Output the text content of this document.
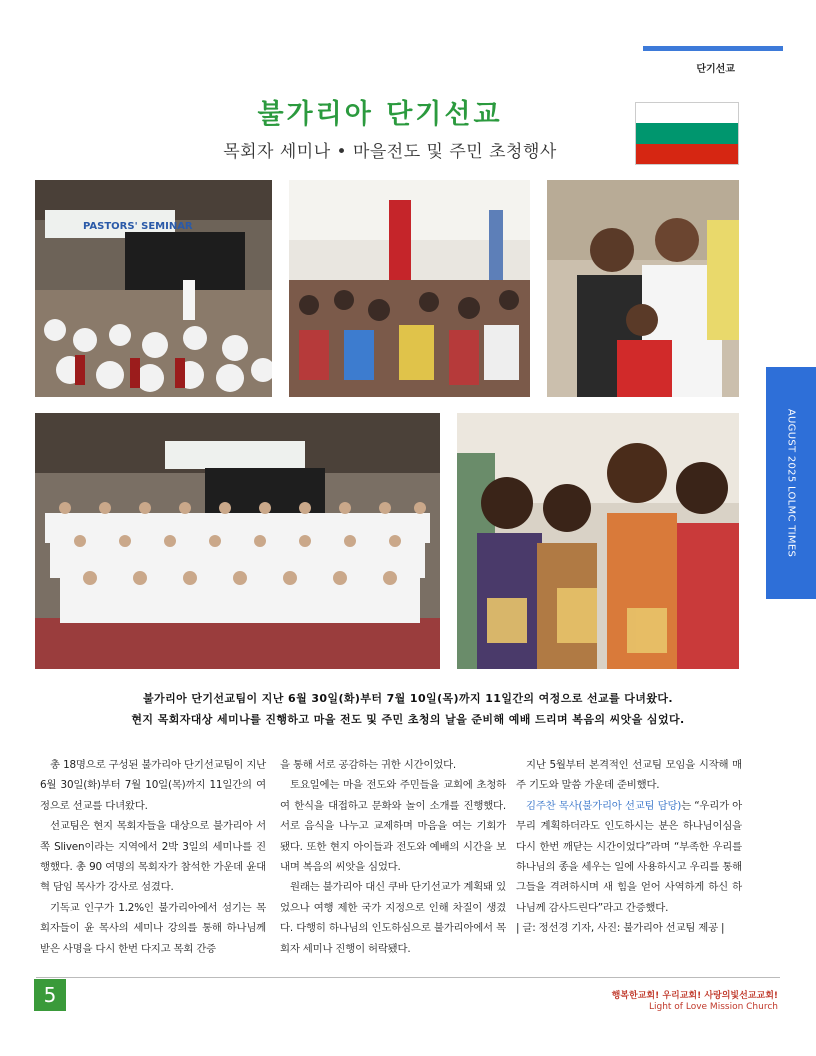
단기선교
불가리아 단기선교
목회자 세미나 • 마을전도 및 주민 초청행사
PASTORS' SEMINAR
AUGUST 2025 LOLMC TIMES
불가리아 단기선교팀이 지난 6월 30일(화)부터 7월 10일(목)까지 11일간의 여정으로 선교를 다녀왔다.
현지 목회자대상 세미나를 진행하고 마을 전도 및 주민 초청의 날을 준비해 예배 드리며 복음의 씨앗을 심었다.

총 18명으로 구성된 불가리아 단기선교팀이 지난 6월 30일(화)부터 7월 10일(목)까지 11일간의 여정으로 선교를 다녀왔다.

선교팀은 현지 목회자들을 대상으로 불가리아 서쪽 Sliven이라는 지역에서 2박 3일의 세미나를 진행했다. 총 90 여명의 목회자가 참석한 가운데 윤대혁 담임 목사가 강사로 섬겼다.

기독교 인구가 1.2%인 불가리아에서 섬기는 목회자들이 윤 목사의 세미나 강의를 통해 하나님께 받은 사명을 다시 한번 다지고 목회 간증

을 통해 서로 공감하는 귀한 시간이었다.

토요일에는 마을 전도와 주민들을 교회에 초청하여 한식을 대접하고 문화와 놀이 소개를 진행했다. 서로 음식을 나누고 교제하며 마음을 여는 기회가 됐다. 또한 현지 아이들과 전도와 예배의 시간을 보내며 복음의 씨앗을 심었다.

원래는 불가리아 대신 쿠바 단기선교가 계획돼 있었으나 여행 제한 국가 지정으로 인해 차질이 생겼다. 다행히 하나님의 인도하심으로 불가리아에서 목회자 세미나 진행이 허락됐다.

지난 5월부터 본격적인 선교팀 모임을 시작해 매주 기도와 말씀 가운데 준비했다.

김주찬 목사(불가리아 선교팀 담당)는 “우리가 아무리 계획하더라도 인도하시는 분은 하나님이심을 다시 한번 깨닫는 시간이었다”라며 “부족한 우리를 하나님의 종을 세우는 일에 사용하시고 우리를 통해 그들을 격려하시며 새 힘을 얻어 사역하게 하신 하나님께 감사드린다”라고 간증했다.

| 글: 정선경 기자, 사진: 불가리아 선교팀 제공 |

5	행복한교회! 우리교회! 사랑의빛선교교회!
Light of Love Mission Church
